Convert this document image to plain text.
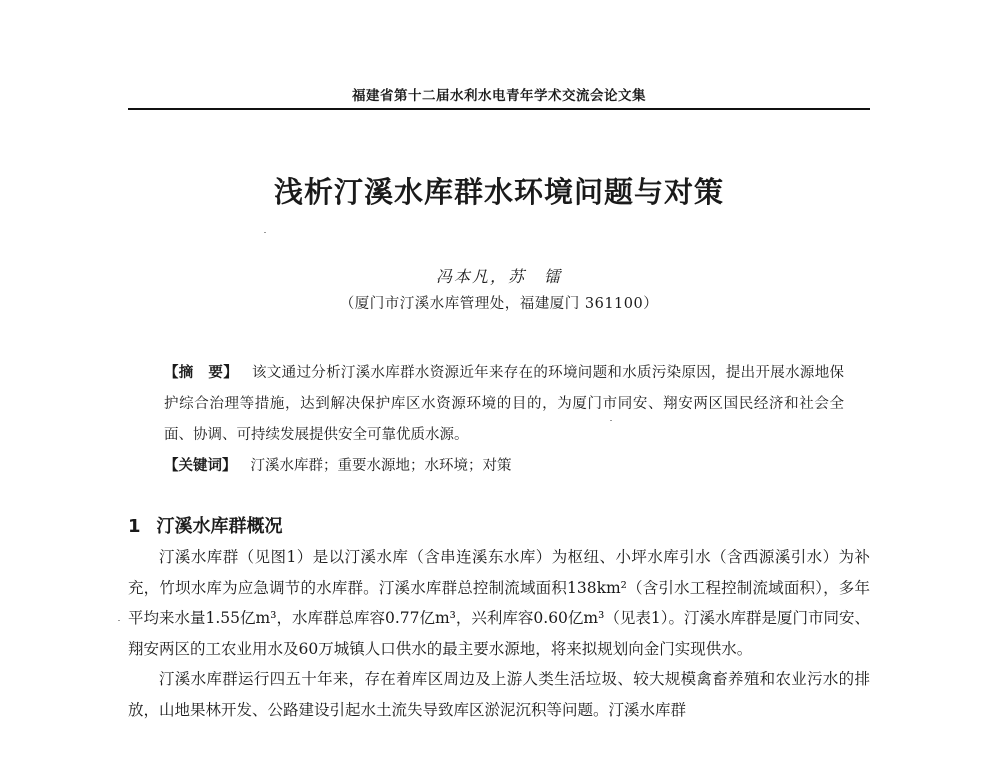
福建省第十二届水利水电青年学术交流会论文集
浅析汀溪水库群水环境问题与对策
冯本凡，苏　镭
（厦门市汀溪水库管理处，福建厦门 361100）
【摘　要】 该文通过分析汀溪水库群水资源近年来存在的环境问题和水质污染原因，提出开展水源地保护综合治理等措施，达到解决保护库区水资源环境的目的，为厦门市同安、翔安两区国民经济和社会全面、协调、可持续发展提供安全可靠优质水源。
【关键词】 汀溪水库群；重要水源地；水环境；对策
1 汀溪水库群概况

汀溪水库群（见图1）是以汀溪水库（含串连溪东水库）为枢纽、小坪水库引水（含西源溪引水）为补充，竹坝水库为应急调节的水库群。汀溪水库群总控制流域面积138km²（含引水工程控制流域面积），多年平均来水量1.55亿m³，水库群总库容0.77亿m³，兴利库容0.60亿m³（见表1）。汀溪水库群是厦门市同安、翔安两区的工农业用水及60万城镇人口供水的最主要水源地，将来拟规划向金门实现供水。

汀溪水库群运行四五十年来，存在着库区周边及上游人类生活垃圾、较大规模禽畜养殖和农业污水的排放，山地果林开发、公路建设引起水土流失导致库区淤泥沉积等问题。汀溪水库群
